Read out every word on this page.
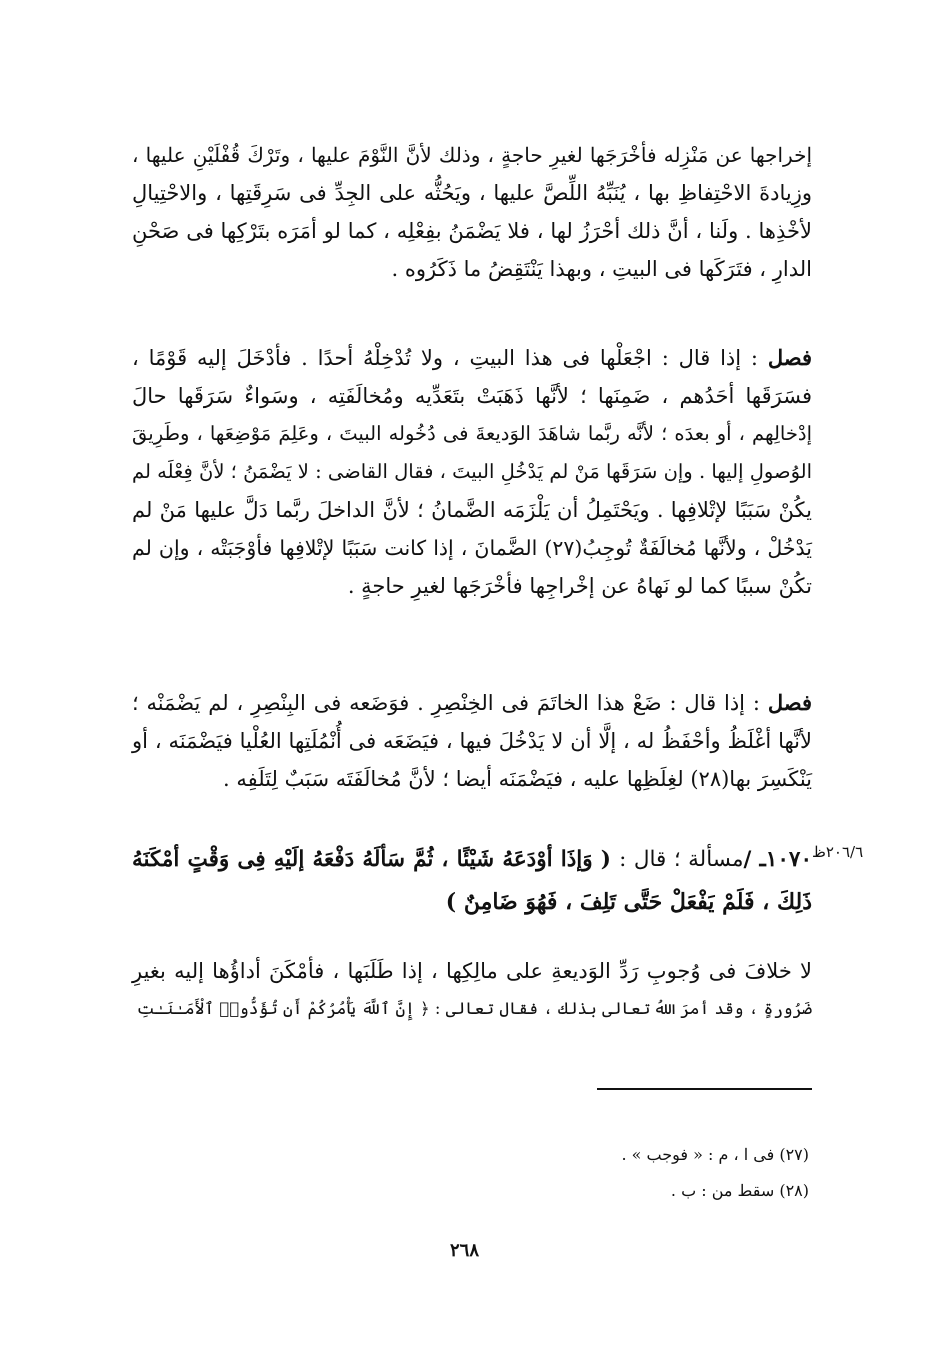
إخراجها عن مَنْزِله فأخْرَجَها لغيرِ حاجةٍ ، وذلك لأنَّ النَّوْمَ عليها ، وتَرْكَ قُفْلَيْنِ عليها ،
وزِيادةَ الاحْتِفاظِ بها ، يُنَبِّهُ اللِّصَّ عليها ، ويَحُثُّه على الجِدِّ فى سَرِقَتِها ، والاحْتِيالِ
لأخْذِها . ولَنا ، أنَّ ذلك أحْرَزُ لها ، فلا يَضْمَنُ بفِعْلِه ، كما لو أمَرَه بتَرْكِها فى صَحْنِ
الدارِ ، فتَرَكَها فى البيتِ ، وبهذا يَنْتَقِضُ ما ذَكَرُوه .
فصل : إذا قال : اجْعَلْها فى هذا البيتِ ، ولا تُدْخِلْهُ أحدًا . فأدْخَلَ إليه قَوْمًا ،
فسَرَقَها أحَدُهم ، ضَمِنَها ؛ لأنَّها ذَهَبَتْ بتَعَدِّيه ومُخالَفَتِه ، وسَواءٌ سَرَقَها حالَ
إدْخالِهم ، أو بعدَه ؛ لأنَّه ربَّما شاهَدَ الوَديعةَ فى دُخُوله البيتَ ، وعَلِمَ مَوْضِعَها ، وطَرِيقَ
الوُصولِ إليها . وإن سَرَقَها مَنْ لم يَدْخُلِ البيتَ ، فقال القاضى : لا يَضْمَنُ ؛ لأنَّ فِعْلَه لم
يكُنْ سَبَبًا لإتْلافِها . ويَحْتَمِلُ أن يَلْزَمَه الضَّمانُ ؛ لأنَّ الداخلَ ربَّما دَلَّ عليها مَنْ لم
يَدْخُلْ ، ولأنَّها مُخالَفَةٌ تُوجِبُ(٢٧) الضَّمانَ ، إذا كانت سَبَبًا لإتْلافِها فأوْجَبَتْه ، وإن لم
تكُنْ سببًا كما لو نَهاهُ عن إخْراجِها فأخْرَجَها لغيرِ حاجةٍ .
فصل : إذا قال : ضَعْ هذا الخاتَمَ فى الخِنْصِرِ . فوَضَعه فى البِنْصِرِ ، لم يَضْمَنْه ؛
لأنَّها أغْلَظُ وأحْفَظُ له ، إلَّا أن لا يَدْخُلَ فيها ، فيَضَعَه فى أُنْمُلَتِها العُلْيا فيَضْمَنَه ، أو
يَنْكَسِرَ بها(٢٨) لغِلَظِها عليه ، فيَضْمَنَه أيضا ؛ لأنَّ مُخالَفَتَه سَبَبٌ لِتَلَفِه .
٢٠٦/٦ظ
١٠٧٠ـ /مسألة ؛ قال : ( وَإذَا أوْدَعَهُ شَيْئًا ، ثُمَّ سَألَهُ دَفْعَهُ إلَيْهِ فِى وَقْتٍ أمْكَنَهُ
ذَلِكَ ، فَلَمْ يَفْعَلْ حَتَّى تَلِفَ ، فَهُوَ ضَامِنٌ )
لا خلافَ فى وُجوبِ رَدِّ الوَديعةِ على مالِكِها ، إذا طَلَبَها ، فأمْكَنَ أداؤُها إليه بغيرِ
ضَرُورةٍ ، وقد أمرَ اللهُ تعالى بذلك ، فقال تعالى : ﴿ إِنَّ ٱللَّهَ يَأْمُرُكُمْ أَن تُؤَدُّوا۟ ٱلْأَمَـٰنَـٰتِ
(٢٧) فى ا ، م : « فوجب » .
(٢٨) سقط من : ب .
٢٦٨
